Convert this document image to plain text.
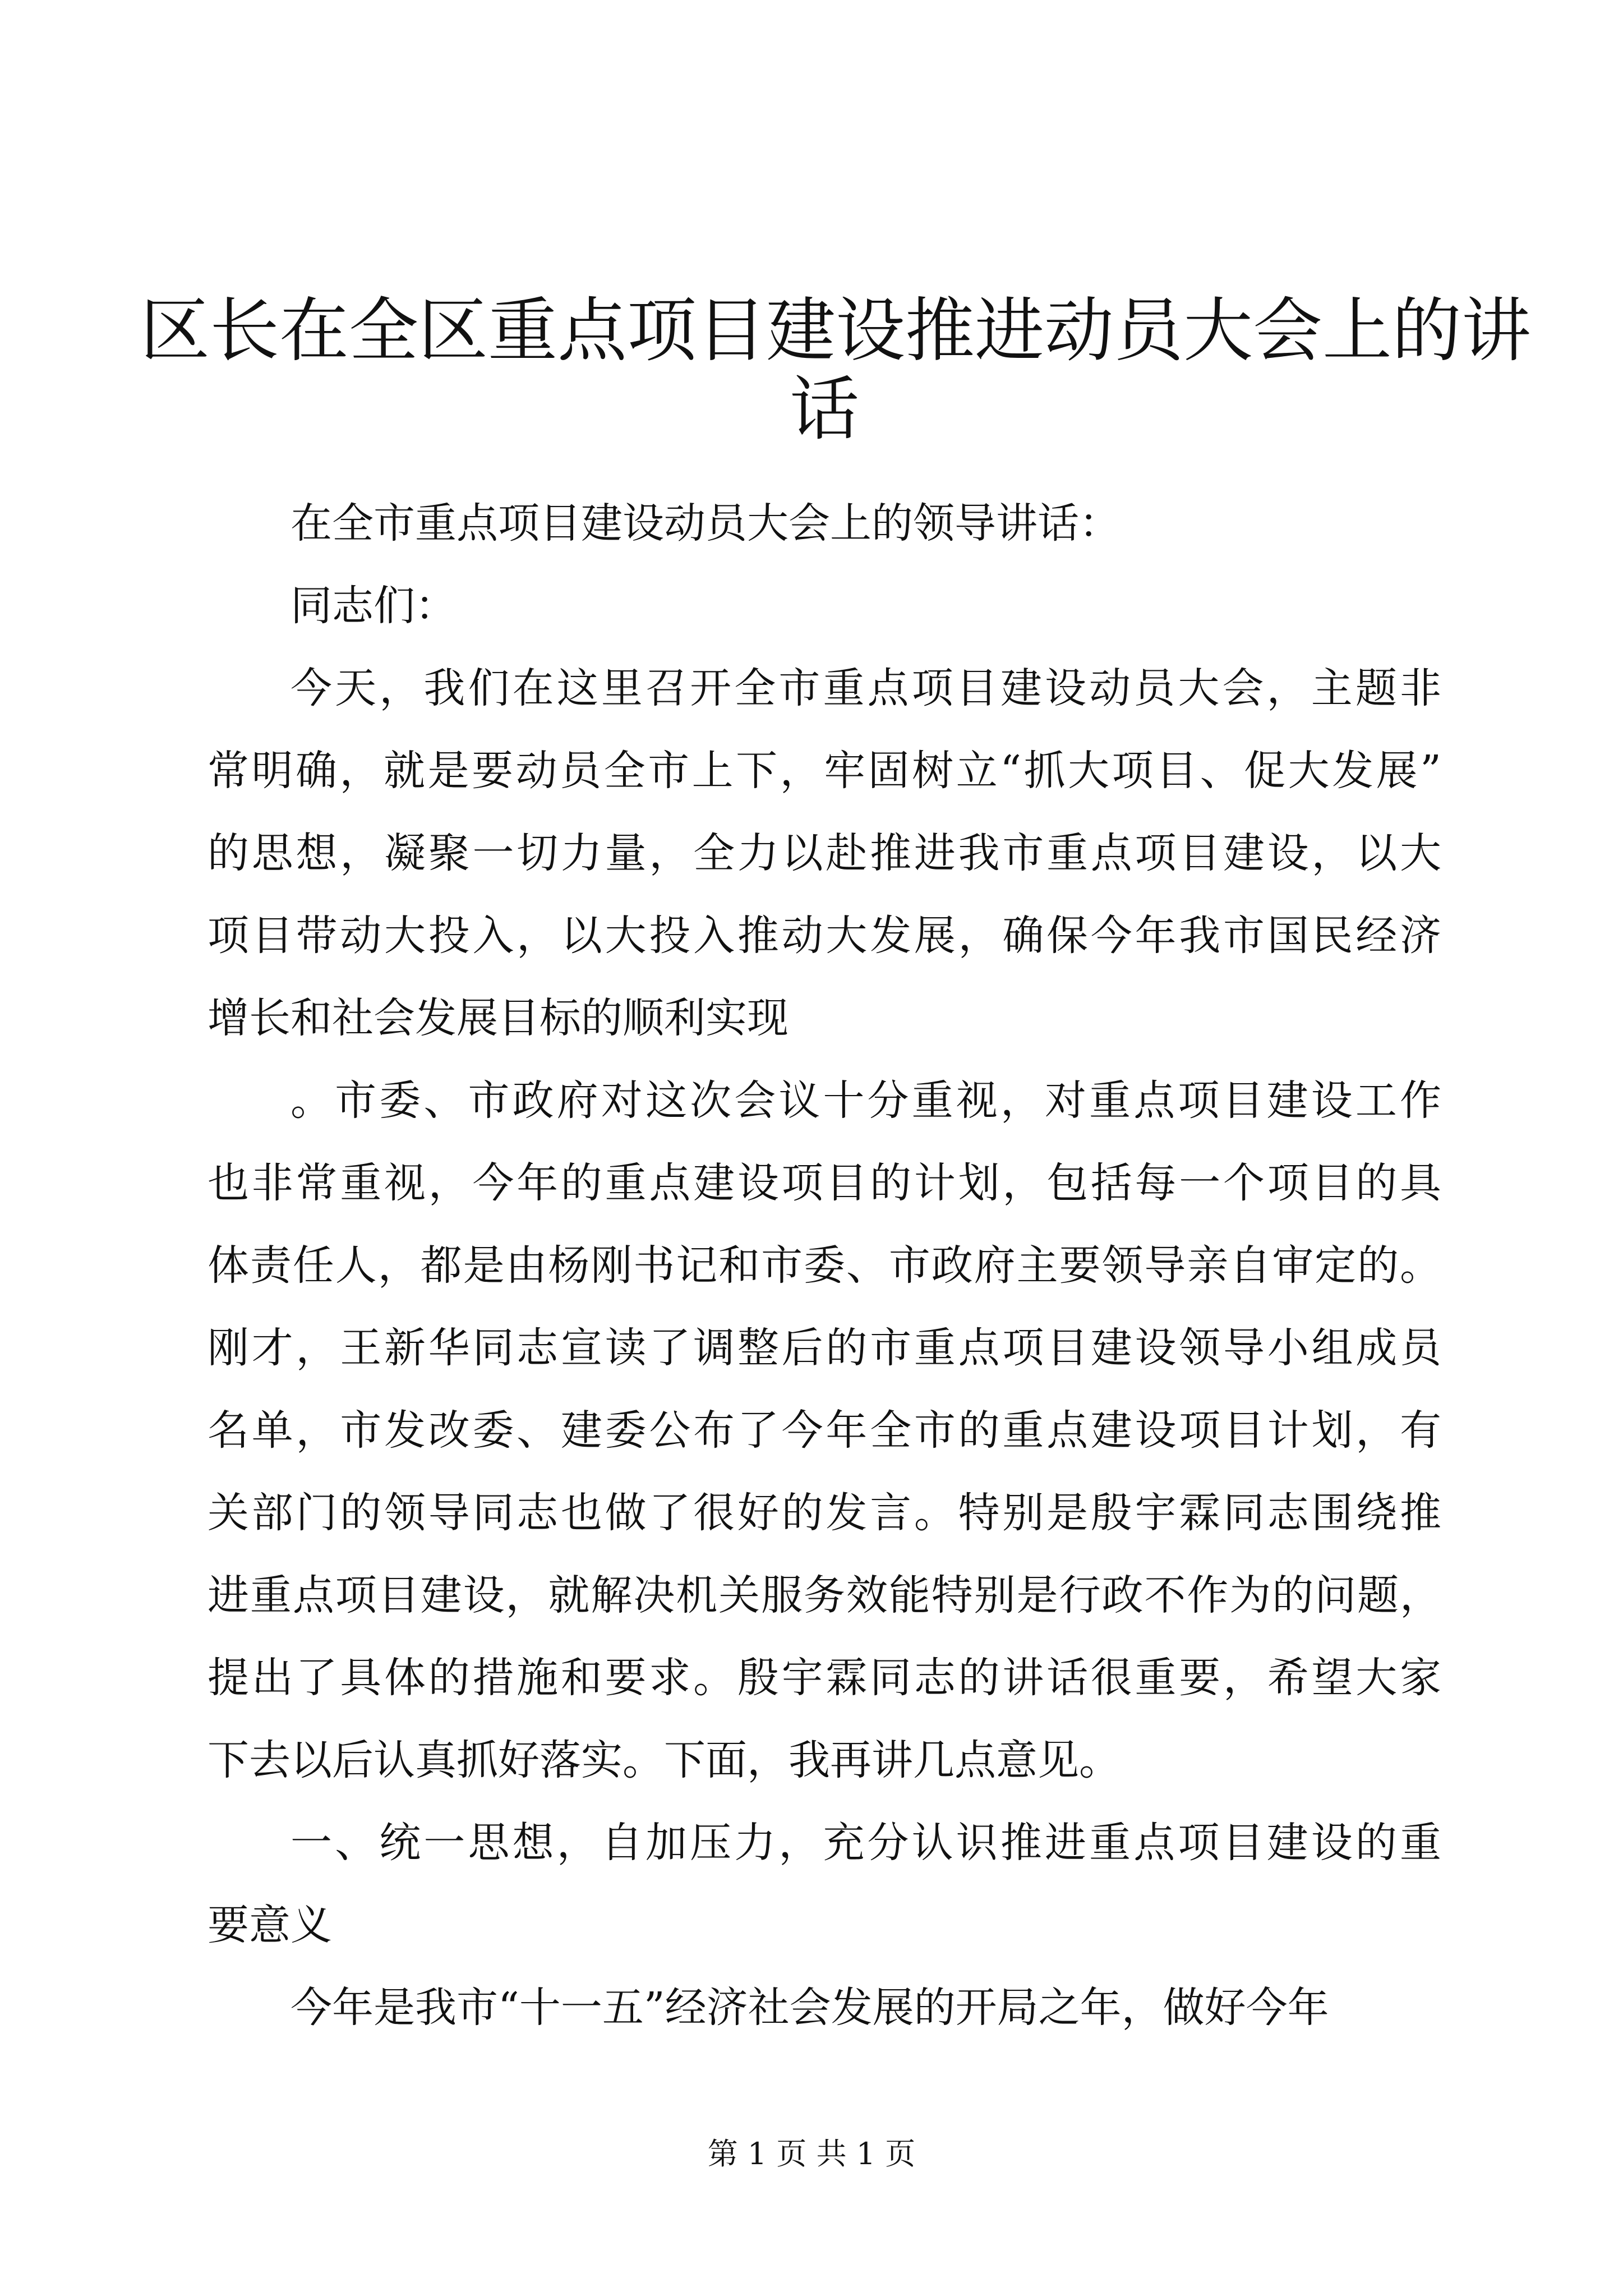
区长在全区重点项目建设推进动员大会上的讲
话
在全市重点项目建设动员大会上的领导讲话：
同志们：
今天，我们在这里召开全市重点项目建设动员大会，主题非
常明确，就是要动员全市上下，牢固树立“抓大项目、促大发展”
的思想，凝聚一切力量，全力以赴推进我市重点项目建设，以大
项目带动大投入，以大投入推动大发展，确保今年我市国民经济
增长和社会发展目标的顺利实现
。市委、市政府对这次会议十分重视，对重点项目建设工作
也非常重视，今年的重点建设项目的计划，包括每一个项目的具
体责任人，都是由杨刚书记和市委、市政府主要领导亲自审定的。
刚才，王新华同志宣读了调整后的市重点项目建设领导小组成员
名单，市发改委、建委公布了今年全市的重点建设项目计划，有
关部门的领导同志也做了很好的发言。特别是殷宇霖同志围绕推
进重点项目建设，就解决机关服务效能特别是行政不作为的问题，
提出了具体的措施和要求。殷宇霖同志的讲话很重要，希望大家
下去以后认真抓好落实。下面，我再讲几点意见。
一、统一思想，自加压力，充分认识推进重点项目建设的重
要意义
今年是我市“十一五”经济社会发展的开局之年，做好今年
第 1 页 共 1 页
